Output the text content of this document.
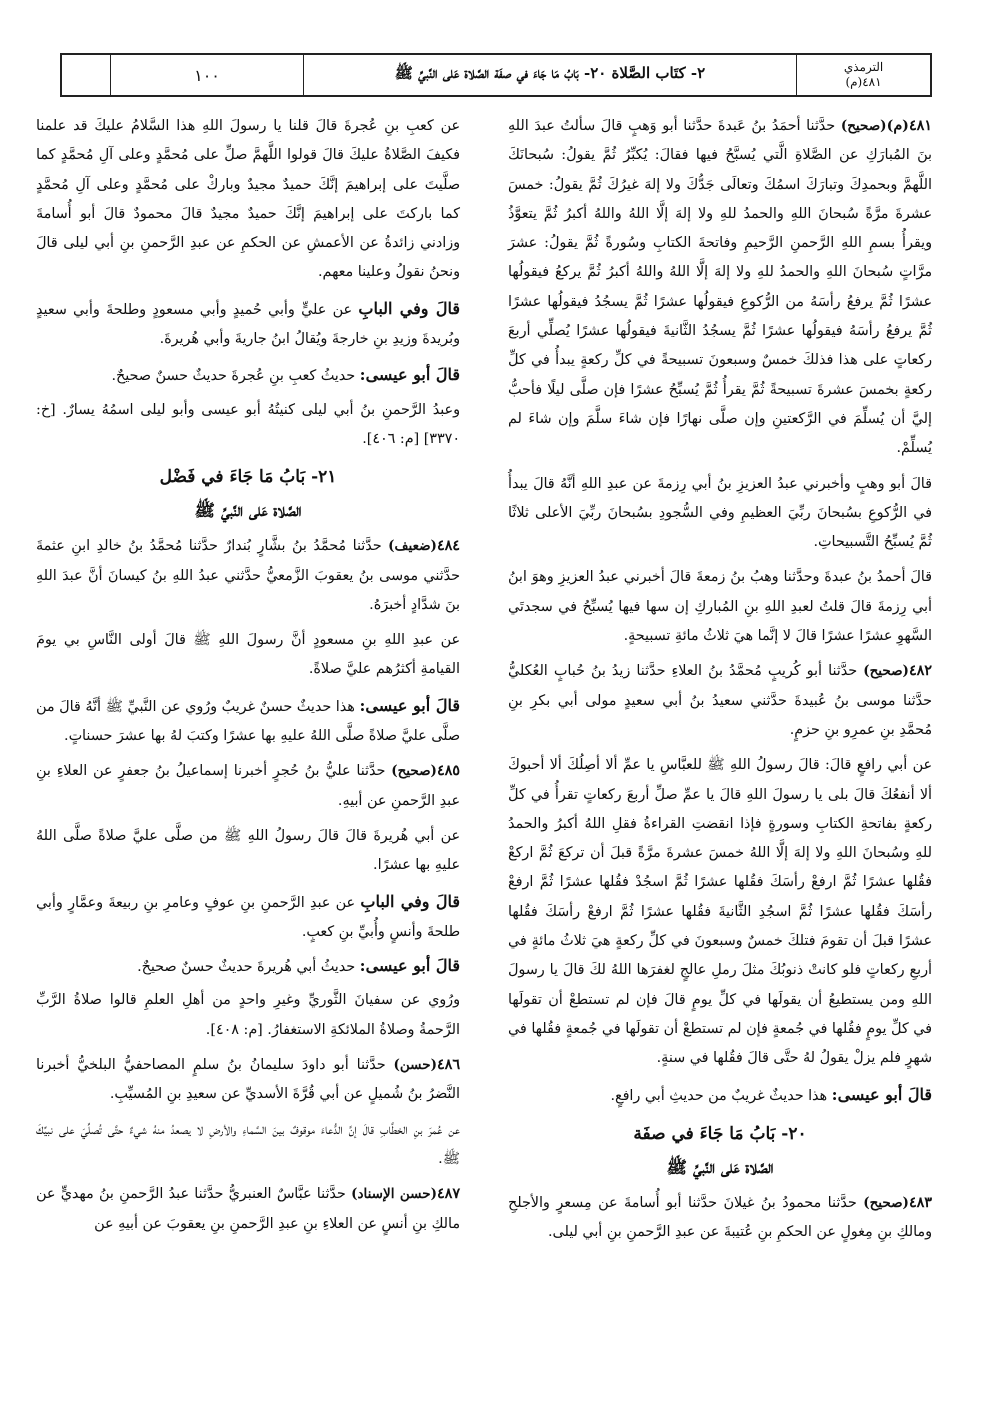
الترمذي
٤٨١(م)
٢- كتَاب الصَّلاة ٢٠- بَابُ مَا جَاءَ في صفَة الصَّلاة عَلى النَّبيِّ ﷺ
١٠٠

٤٨١(م)(صحيح) حدَّثنا أحمَدُ بنُ عَبدةَ حدَّثنا أبو وَهبٍ قالَ سألتُ عبدَ اللهِ بنَ المُبارَكِ عن الصَّلاةِ الَّتي يُسبَّحُ فيها فقالَ: يُكبِّرُ ثُمَّ يقولُ: سُبحانَكَ اللَّهمَّ وبحمدِكَ وتبارَكَ اسمُكَ وتعالَى جَدُّكَ ولا إلهَ غيرُكَ ثُمَّ يقولُ: خمسَ عشرةَ مرَّةً سُبحانَ اللهِ والحمدُ للهِ ولا إلهَ إلَّا اللهُ واللهُ أكبرُ ثُمَّ يتعوَّذُ ويقرأُ بسمِ اللهِ الرَّحمنِ الرَّحيمِ وفاتحةَ الكتابِ وسُورةً ثُمَّ يقولُ: عشرَ مرَّاتٍ سُبحانَ اللهِ والحمدُ للهِ ولا إلهَ إلَّا اللهُ واللهُ أكبرُ ثُمَّ يركعُ فيقولُها عشرًا ثُمَّ يرفعُ رأسَهُ من الرُّكوعِ فيقولُها عشرًا ثُمَّ يسجُدُ فيقولُها عشرًا ثُمَّ يرفعُ رأسَهُ فيقولُها عشرًا ثُمَّ يسجُدُ الثَّانيةَ فيقولُها عشرًا يُصلِّي أربعَ ركعاتٍ على هذا فذلكَ خمسٌ وسبعونَ تسبيحةً في كلِّ ركعةٍ يبدأُ في كلِّ ركعةٍ بخمسَ عشرةَ تسبيحةً ثُمَّ يقرأُ ثُمَّ يُسبِّحُ عشرًا فإن صلَّى ليلًا فأحبُّ إليَّ أن يُسلِّمَ في الرَّكعتينِ وإن صلَّى نهارًا فإن شاءَ سلَّمَ وإن شاءَ لم يُسلِّمْ.

قالَ أبو وهبٍ وأخبرني عبدُ العزيزِ بنُ أبي رِزمةَ عن عبدِ اللهِ أنَّهُ قالَ يبدأُ في الرُّكوعِ بسُبحانَ ربِّيَ العظيمِ وفي السُّجودِ بسُبحانَ ربِّيَ الأعلى ثلاثًا ثُمَّ يُسبِّحُ التَّسبيحاتِ.

قالَ أحمدُ بنُ عبدةَ وحدَّثنا وهبُ بنُ زمعةَ قالَ أخبرني عبدُ العزيزِ وهوَ ابنُ أبي رِزمةَ قالَ قلتُ لعبدِ اللهِ بنِ المُباركِ إن سها فيها يُسبِّحُ في سجدتَي السَّهوِ عشرًا عشرًا قالَ لا إنَّما هيَ ثلاثُ مائةِ تسبيحةٍ.

٤٨٢(صحيح) حدَّثنا أبو كُريبٍ مُحمَّدُ بنُ العلاءِ حدَّثنا زيدُ بنُ حُبابٍ العُكليُّ حدَّثنا موسى بنُ عُبيدةَ حدَّثني سعيدُ بنُ أبي سعيدٍ مولى أبي بكرِ بنِ مُحمَّدِ بنِ عمرِو بنِ حزمٍ.

عن أبي رافعٍ قالَ: قالَ رسولُ اللهِ ﷺ للعبَّاسِ يا عمِّ ألا أصِلُكَ ألا أحبوكَ ألا أنفعُكَ قالَ بلى يا رسولَ اللهِ قالَ يا عمِّ صلِّ أربعَ ركعاتٍ تقرأُ في كلِّ ركعةٍ بفاتحةِ الكتابِ وسورةٍ فإذا انقضتِ القراءةُ فقلِ اللهُ أكبرُ والحمدُ للهِ وسُبحانَ اللهِ ولا إلهَ إلَّا اللهُ خمسَ عشرةَ مرَّةً قبلَ أن تركعَ ثُمَّ اركعْ فقُلها عشرًا ثُمَّ ارفعْ رأسَكَ فقُلها عشرًا ثُمَّ اسجُدْ فقُلها عشرًا ثُمَّ ارفعْ رأسَكَ فقُلها عشرًا ثُمَّ اسجُدِ الثَّانيةَ فقُلها عشرًا ثُمَّ ارفعْ رأسَكَ فقُلها عشرًا قبلَ أن تقومَ فتلكَ خمسٌ وسبعونَ في كلِّ ركعةٍ هيَ ثلاثُ مائةٍ في أربعِ ركعاتٍ فلو كانتْ ذنوبُكَ مثلَ رملِ عالجٍ لغفرَها اللهُ لكَ قالَ يا رسولَ اللهِ ومن يستطيعُ أن يقولَها في كلِّ يومٍ قالَ فإن لم تستطعْ أن تقولَها في كلِّ يومٍ فقُلها في جُمعةٍ فإن لم تستطعْ أن تقولَها في جُمعةٍ فقُلها في شهرٍ فلم يزلْ يقولُ لهُ حتَّى قالَ فقُلها في سنةٍ.

قالَ أبو عيسى: هذا حديثٌ غريبٌ من حديثِ أبي رافعٍ.

٢٠- بَابُ مَا جَاءَ في صفَة
الصَّلاة عَلى النَّبيِّ ﷺ

٤٨٣(صحيح) حدَّثنا محمودُ بنُ غيلانَ حدَّثنا أبو أُسامةَ عن مِسعرٍ والأجلحِ ومالكِ بنِ مِغولٍ عن الحكمِ بنِ عُتيبةَ عن عبدِ الرَّحمنِ بنِ أبي ليلى.

عن كعبِ بنِ عُجرةَ قالَ قلنا يا رسولَ اللهِ هذا السَّلامُ عليكَ قد علمنا فكيفَ الصَّلاةُ عليكَ قالَ قولوا اللَّهمَّ صلِّ على مُحمَّدٍ وعلى آلِ مُحمَّدٍ كما صلَّيتَ على إبراهيمَ إنَّكَ حميدٌ مجيدٌ وباركْ على مُحمَّدٍ وعلى آلِ مُحمَّدٍ كما باركتَ على إبراهيمَ إنَّكَ حميدٌ مجيدٌ قالَ محمودٌ قالَ أبو أُسامةَ وزادني زائدةُ عن الأعمشِ عن الحكمِ عن عبدِ الرَّحمنِ بنِ أبي ليلى قالَ ونحنُ نقولُ وعلينا معهم.

قالَ وفي البابِ عن عليٍّ وأبي حُميدٍ وأبي مسعودٍ وطلحةَ وأبي سعيدٍ وبُريدةَ وزيدِ بنِ خارجةَ ويُقالُ ابنُ جاريةَ وأبي هُريرةَ.

قالَ أبو عيسى: حديثُ كعبِ بنِ عُجرةَ حديثٌ حسنٌ صحيحٌ.

وعبدُ الرَّحمنِ بنُ أبي ليلى كنيتُهُ أبو عيسى وأبو ليلى اسمُهُ يسارٌ. [خ: ٣٣٧٠] [م: ٤٠٦].

٢١- بَابُ مَا جَاءَ في فَضْل
الصَّلاة عَلى النَّبيِّ ﷺ

٤٨٤(ضعيف) حدَّثنا مُحمَّدُ بنُ بشَّارٍ بُندارٌ حدَّثنا مُحمَّدُ بنُ خالدِ ابنِ عثمةَ حدَّثني موسى بنُ يعقوبَ الزَّمعيُّ حدَّثني عبدُ اللهِ بنُ كيسانَ أنَّ عبدَ اللهِ بنَ شدَّادٍ أخبرَهُ.

عن عبدِ اللهِ بنِ مسعودٍ أنَّ رسولَ اللهِ ﷺ قالَ أولى النَّاسِ بي يومَ القيامةِ أكثرُهم عليَّ صلاةً.

قالَ أبو عيسى: هذا حديثٌ حسنٌ غريبٌ ورُوي عن النَّبيِّ ﷺ أنَّهُ قالَ من صلَّى عليَّ صلاةً صلَّى اللهُ عليهِ بها عشرًا وكتبَ لهُ بها عشرَ حسناتٍ.

٤٨٥(صحيح) حدَّثنا عليُّ بنُ حُجرٍ أخبرنا إسماعيلُ بنُ جعفرٍ عن العلاءِ بنِ عبدِ الرَّحمنِ عن أبيهِ.

عن أبي هُريرةَ قالَ قالَ رسولُ اللهِ ﷺ من صلَّى عليَّ صلاةً صلَّى اللهُ عليهِ بها عشرًا.

قالَ وفي البابِ عن عبدِ الرَّحمنِ بنِ عوفٍ وعامرِ بنِ ربيعةَ وعمَّارٍ وأبي طلحةَ وأنسٍ وأُبيِّ بنِ كعبٍ.

قالَ أبو عيسى: حديثُ أبي هُريرةَ حديثٌ حسنٌ صحيحٌ.

ورُوي عن سفيانَ الثَّوريِّ وغيرِ واحدٍ من أهلِ العلمِ قالوا صلاةُ الرَّبِّ الرَّحمةُ وصلاةُ الملائكةِ الاستغفارُ. [م: ٤٠٨].

٤٨٦(حسن) حدَّثنا أبو داودَ سليمانُ بنُ سلمٍ المصاحفيُّ البلخيُّ أخبرنا النَّضرُ بنُ شُميلٍ عن أبي قُرَّةَ الأسديِّ عن سعيدِ بنِ المُسيِّبِ.

عن عُمرَ بنِ الخطَّابِ قالَ إنَّ الدُّعاءَ موقوفٌ بينَ السَّماءِ والأرضِ لا يصعدُ منهُ شيءٌ حتَّى تُصلِّيَ على نبيِّكَ ﷺ.

٤٨٧(حسن الإسناد) حدَّثنا عبَّاسٌ العنبريُّ حدَّثنا عبدُ الرَّحمنِ بنُ مهديٍّ عن مالكِ بنِ أنسٍ عن العلاءِ بنِ عبدِ الرَّحمنِ بنِ يعقوبَ عن أبيهِ عن
